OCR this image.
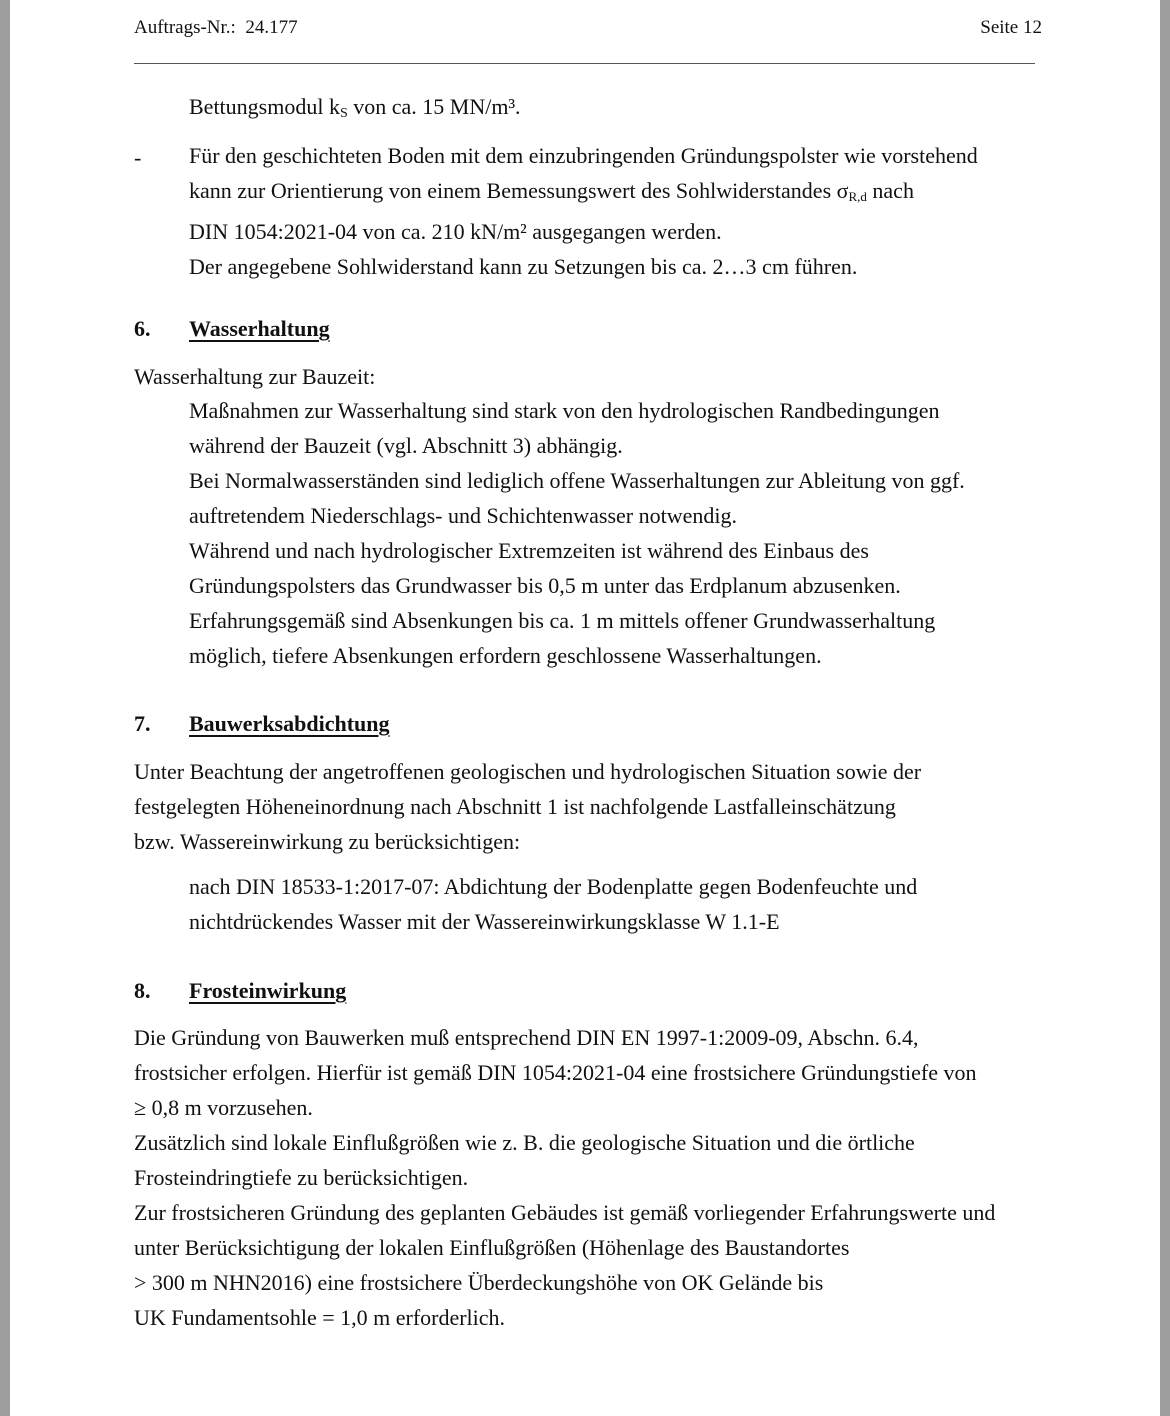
Auftrags-Nr.: 24.177	Seite 12
Bettungsmodul $k_S$ von ca. 15 MN/m³.
- Für den geschichteten Boden mit dem einzubringenden Gründungspolster wie vorstehend
kann zur Orientierung von einem Bemessungswert des Sohlwiderstandes σR,d nach
DIN 1054:2021-04 von ca. 210 kN/m² ausgegangen werden.
Der angegebene Sohlwiderstand kann zu Setzungen bis ca. 2…3 cm führen.
6. Wasserhaltung
Wasserhaltung zur Bauzeit:
Maßnahmen zur Wasserhaltung sind stark von den hydrologischen Randbedingungen
während der Bauzeit (vgl. Abschnitt 3) abhängig.
Bei Normalwasserständen sind lediglich offene Wasserhaltungen zur Ableitung von ggf.
auftretendem Niederschlags- und Schichtenwasser notwendig.
Während und nach hydrologischer Extremzeiten ist während des Einbaus des
Gründungspolsters das Grundwasser bis 0,5 m unter das Erdplanum abzusenken.
Erfahrungsgemäß sind Absenkungen bis ca. 1 m mittels offener Grundwasserhaltung
möglich, tiefere Absenkungen erfordern geschlossene Wasserhaltungen.
7. Bauwerksabdichtung
Unter Beachtung der angetroffenen geologischen und hydrologischen Situation sowie der
festgelegten Höheneinordnung nach Abschnitt 1 ist nachfolgende Lastfalleinschätzung
bzw. Wassereinwirkung zu berücksichtigen:
nach DIN 18533-1:2017-07: Abdichtung der Bodenplatte gegen Bodenfeuchte und
nichtdrückendes Wasser mit der Wassereinwirkungsklasse W 1.1-E
8. Frosteinwirkung
Die Gründung von Bauwerken muß entsprechend DIN EN 1997-1:2009-09, Abschn. 6.4,
frostsicher erfolgen. Hierfür ist gemäß DIN 1054:2021-04 eine frostsichere Gründungstiefe von
≥ 0,8 m vorzusehen.
Zusätzlich sind lokale Einflußgrößen wie z. B. die geologische Situation und die örtliche
Frosteindringtiefe zu berücksichtigen.
Zur frostsicheren Gründung des geplanten Gebäudes ist gemäß vorliegender Erfahrungswerte und
unter Berücksichtigung der lokalen Einflußgrößen (Höhenlage des Baustandortes
> 300 m NHN2016) eine frostsichere Überdeckungshöhe von OK Gelände bis
UK Fundamentsohle = 1,0 m erforderlich.
